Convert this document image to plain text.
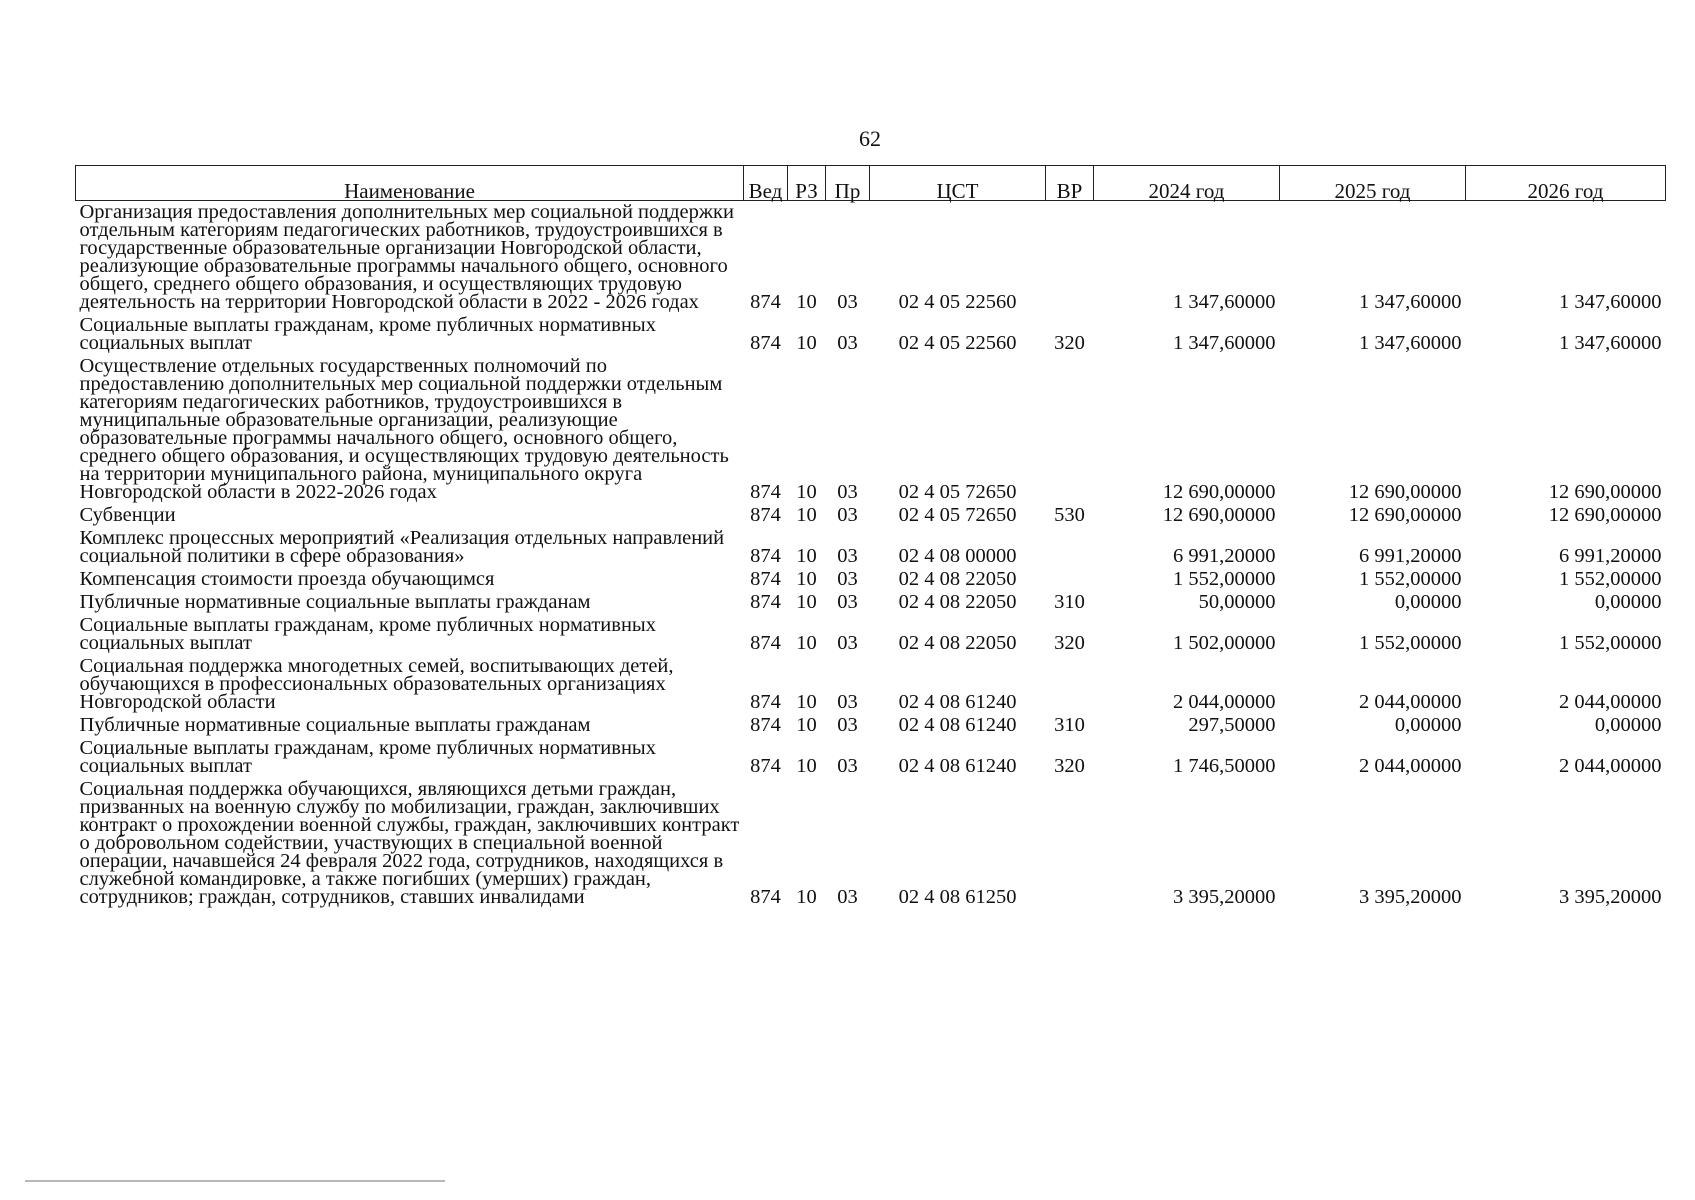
62
Наименование	Вед	РЗ	Пр	ЦСТ	ВР	2024 год	2025 год	2026 год
Организация предоставления дополнительных мер социальной поддержки отдельным категориям педагогических работников, трудоустроившихся в государственные образовательные организации Новгородской области, реализующие образовательные программы начального общего, основного общего, среднего общего образования, и осуществляющих трудовую деятельность на территории Новгородской области в 2022 - 2026 годах	874	10	03	02 4 05 22560		1 347,60000	1 347,60000	1 347,60000
Социальные выплаты гражданам, кроме публичных нормативных социальных выплат	874	10	03	02 4 05 22560	320	1 347,60000	1 347,60000	1 347,60000
Осуществление отдельных государственных полномочий по предоставлению дополнительных мер социальной поддержки отдельным категориям педагогических работников, трудоустроившихся в муниципальные образовательные организации, реализующие образовательные программы начального общего, основного общего, среднего общего образования, и осуществляющих трудовую деятельность на территории муниципального района, муниципального округа Новгородской области в 2022-2026 годах	874	10	03	02 4 05 72650		12 690,00000	12 690,00000	12 690,00000
Субвенции	874	10	03	02 4 05 72650	530	12 690,00000	12 690,00000	12 690,00000
Комплекс процессных мероприятий «Реализация отдельных направлений социальной политики в сфере образования»	874	10	03	02 4 08 00000		6 991,20000	6 991,20000	6 991,20000
Компенсация стоимости проезда обучающимся	874	10	03	02 4 08 22050		1 552,00000	1 552,00000	1 552,00000
Публичные нормативные социальные выплаты гражданам	874	10	03	02 4 08 22050	310	50,00000	0,00000	0,00000
Социальные выплаты гражданам, кроме публичных нормативных социальных выплат	874	10	03	02 4 08 22050	320	1 502,00000	1 552,00000	1 552,00000
Социальная поддержка многодетных семей, воспитывающих детей, обучающихся в профессиональных образовательных организациях Новгородской области	874	10	03	02 4 08 61240		2 044,00000	2 044,00000	2 044,00000
Публичные нормативные социальные выплаты гражданам	874	10	03	02 4 08 61240	310	297,50000	0,00000	0,00000
Социальные выплаты гражданам, кроме публичных нормативных социальных выплат	874	10	03	02 4 08 61240	320	1 746,50000	2 044,00000	2 044,00000
Социальная поддержка обучающихся, являющихся детьми граждан, призванных на военную службу по мобилизации, граждан, заключивших контракт о прохождении военной службы, граждан, заключивших контракт о добровольном содействии, участвующих в специальной военной операции, начавшейся 24 февраля 2022 года, сотрудников, находящихся в служебной командировке, а также погибших (умерших) граждан, сотрудников; граждан, сотрудников, ставших инвалидами	874	10	03	02 4 08 61250		3 395,20000	3 395,20000	3 395,20000
